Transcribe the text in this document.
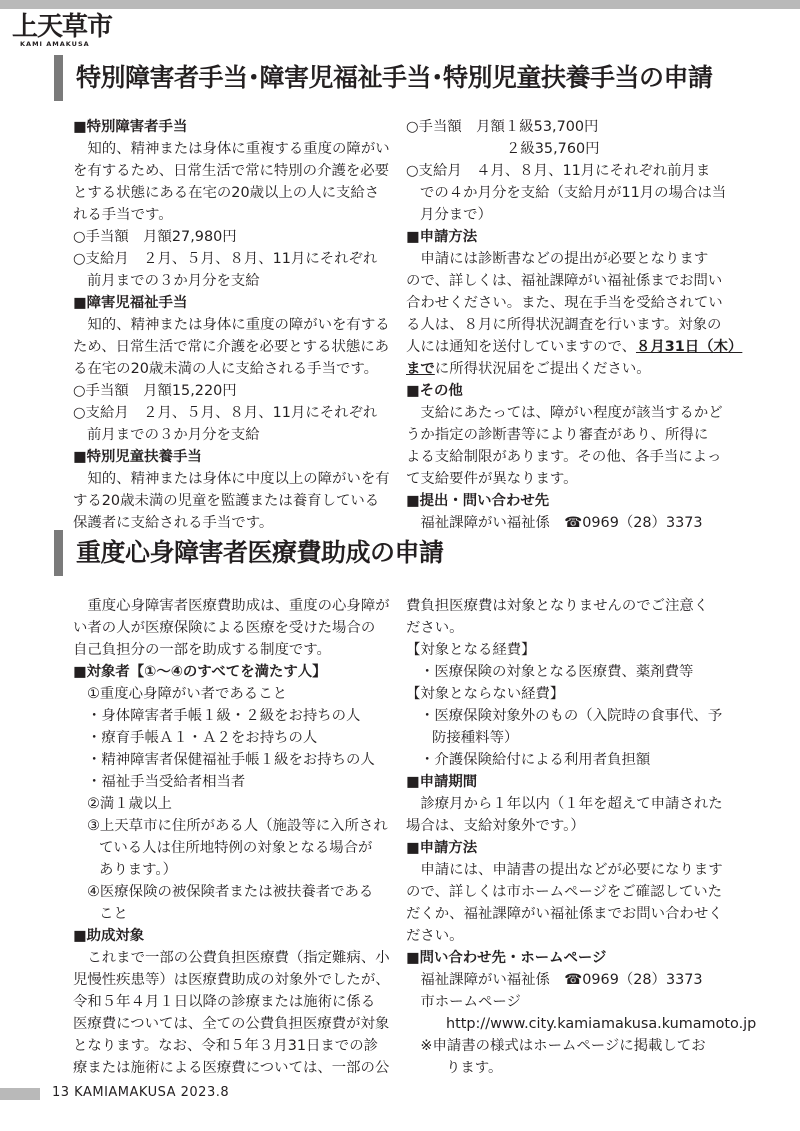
上天草市
KAMI AMAKUSA
特別障害者手当･障害児福祉手当･特別児童扶養手当の申請
■特別障害者手当
　知的、精神または身体に重複する重度の障がい
を有するため、日常生活で常に特別の介護を必要
とする状態にある在宅の20歳以上の人に支給さ
れる手当です。
○手当額　月額27,980円
○支給月　２月、５月、８月、11月にそれぞれ
前月までの３か月分を支給
■障害児福祉手当
　知的、精神または身体に重度の障がいを有する
ため、日常生活で常に介護を必要とする状態にあ
る在宅の20歳未満の人に支給される手当です。
○手当額　月額15,220円
○支給月　２月、５月、８月、11月にそれぞれ
前月までの３か月分を支給
■特別児童扶養手当
　知的、精神または身体に中度以上の障がいを有
する20歳未満の児童を監護または養育している
保護者に支給される手当です。
○手当額　月額１級53,700円
２級35,760円
○支給月　４月、８月、11月にそれぞれ前月ま
での４か月分を支給（支給月が11月の場合は当
月分まで）
■申請方法
　申請には診断書などの提出が必要となります
ので、詳しくは、福祉課障がい福祉係までお問い
合わせください。また、現在手当を受給されてい
る人は、８月に所得状況調査を行います。対象の
人には通知を送付していますので、８月31日（木）
までに所得状況届をご提出ください。
■その他
　支給にあたっては、障がい程度が該当するかど
うか指定の診断書等により審査があり、所得に
よる支給制限があります。その他、各手当によっ
て支給要件が異なります。
■提出・問い合わせ先
　福祉課障がい福祉係　☎0969（28）3373
重度心身障害者医療費助成の申請
　重度心身障害者医療費助成は、重度の心身障が
い者の人が医療保険による医療を受けた場合の
自己負担分の一部を助成する制度です。
■対象者【①～④のすべてを満たす人】
①重度心身障がい者であること
・身体障害者手帳１級・２級をお持ちの人
・療育手帳Ａ１・Ａ２をお持ちの人
・精神障害者保健福祉手帳１級をお持ちの人
・福祉手当受給者相当者
②満１歳以上
③上天草市に住所がある人（施設等に入所され
ている人は住所地特例の対象となる場合が
あります。）
④医療保険の被保険者または被扶養者である
こと
■助成対象
　これまで一部の公費負担医療費（指定難病、小
児慢性疾患等）は医療費助成の対象外でしたが、
令和５年４月１日以降の診療または施術に係る
医療費については、全ての公費負担医療費が対象
となります。なお、令和５年３月31日までの診
療または施術による医療費については、一部の公
費負担医療費は対象となりませんのでご注意く
ださい。
【対象となる経費】
・医療保険の対象となる医療費、薬剤費等
【対象とならない経費】
・医療保険対象外のもの（入院時の食事代、予
防接種料等）
・介護保険給付による利用者負担額
■申請期間
　診療月から１年以内（１年を超えて申請された
場合は、支給対象外です。）
■申請方法
　申請には、申請書の提出などが必要になります
ので、詳しくは市ホームページをご確認していた
だくか、福祉課障がい福祉係までお問い合わせく
ださい。
■問い合わせ先・ホームページ
　福祉課障がい福祉係　☎0969（28）3373
　市ホームページ
http://www.city.kamiamakusa.kumamoto.jp
　※申請書の様式はホームページに掲載してお
ります。
13 KAMIAMAKUSA 2023.8
